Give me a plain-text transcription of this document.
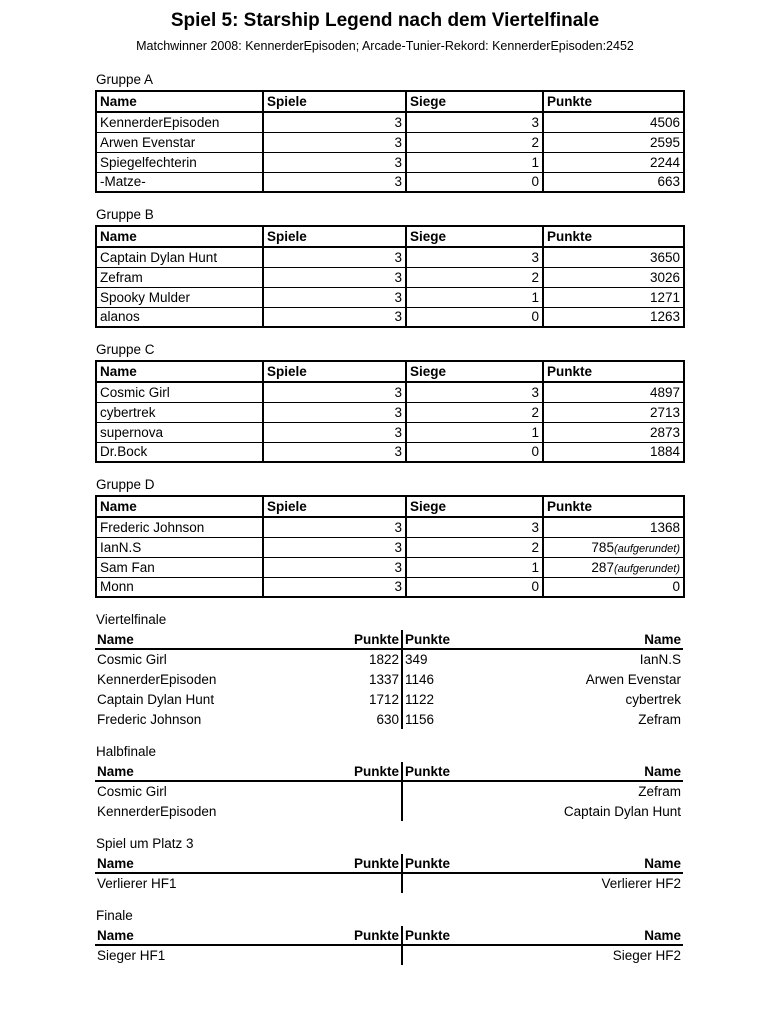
Spiel 5: Starship Legend nach dem Viertelfinale
Matchwinner 2008: KennerderEpisoden; Arcade-Tunier-Rekord: KennerderEpisoden:2452
Gruppe A
Name	Spiele	Siege	Punkte
KennerderEpisoden	3	3	4506
Arwen Evenstar	3	2	2595
Spiegelfechterin	3	1	2244
-Matze-	3	0	663
Gruppe B
Name	Spiele	Siege	Punkte
Captain Dylan Hunt	3	3	3650
Zefram	3	2	3026
Spooky Mulder	3	1	1271
alanos	3	0	1263
Gruppe C
Name	Spiele	Siege	Punkte
Cosmic Girl	3	3	4897
cybertrek	3	2	2713
supernova	3	1	2873
Dr.Bock	3	0	1884
Gruppe D
Name	Spiele	Siege	Punkte
Frederic Johnson	3	3	1368
IanN.S	3	2	785(aufgerundet)
Sam Fan	3	1	287(aufgerundet)
Monn	3	0	0
Viertelfinale
Name	Punkte	Punkte	Name
Cosmic Girl	1822	349	IanN.S
KennerderEpisoden	1337	1146	Arwen Evenstar
Captain Dylan Hunt	1712	1122	cybertrek
Frederic Johnson	630	1156	Zefram
Halbfinale
Name	Punkte	Punkte	Name
Cosmic Girl			Zefram
KennerderEpisoden			Captain Dylan Hunt
Spiel um Platz 3
Name	Punkte	Punkte	Name
Verlierer HF1			Verlierer HF2
Finale
Name	Punkte	Punkte	Name
Sieger HF1			Sieger HF2
